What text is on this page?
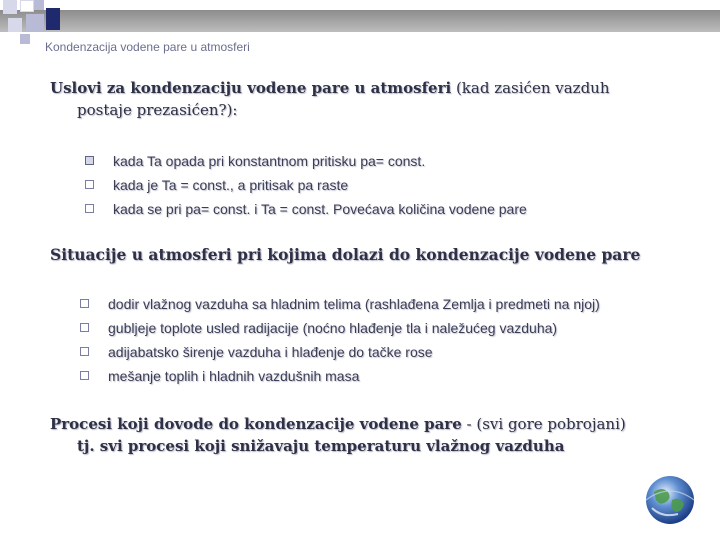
Kondenzacija vodene pare u atmosferi
Uslovi za kondenzaciju vodene pare u atmosferi (kad zasićen vazduh
postaje prezasićen?):
kada Ta opada pri konstantnom pritisku pa= const.
kada je Ta = const., a pritisak pa raste
kada se pri pa= const. i Ta = const. Povećava količina vodene pare
Situacije u atmosferi pri kojima dolazi do kondenzacije vodene pare
dodir vlažnog vazduha sa hladnim telima (rashlađena Zemlja i predmeti na njoj)
gubljeje toplote usled radijacije (noćno hlađenje tla i naležućeg vazduha)
adijabatsko širenje vazduha i hlađenje do tačke rose
mešanje toplih i hladnih vazdušnih masa
Procesi koji dovode do kondenzacije vodene pare - (svi gore pobrojani)
tj. svi procesi koji snižavaju temperaturu vlažnog vazduha
